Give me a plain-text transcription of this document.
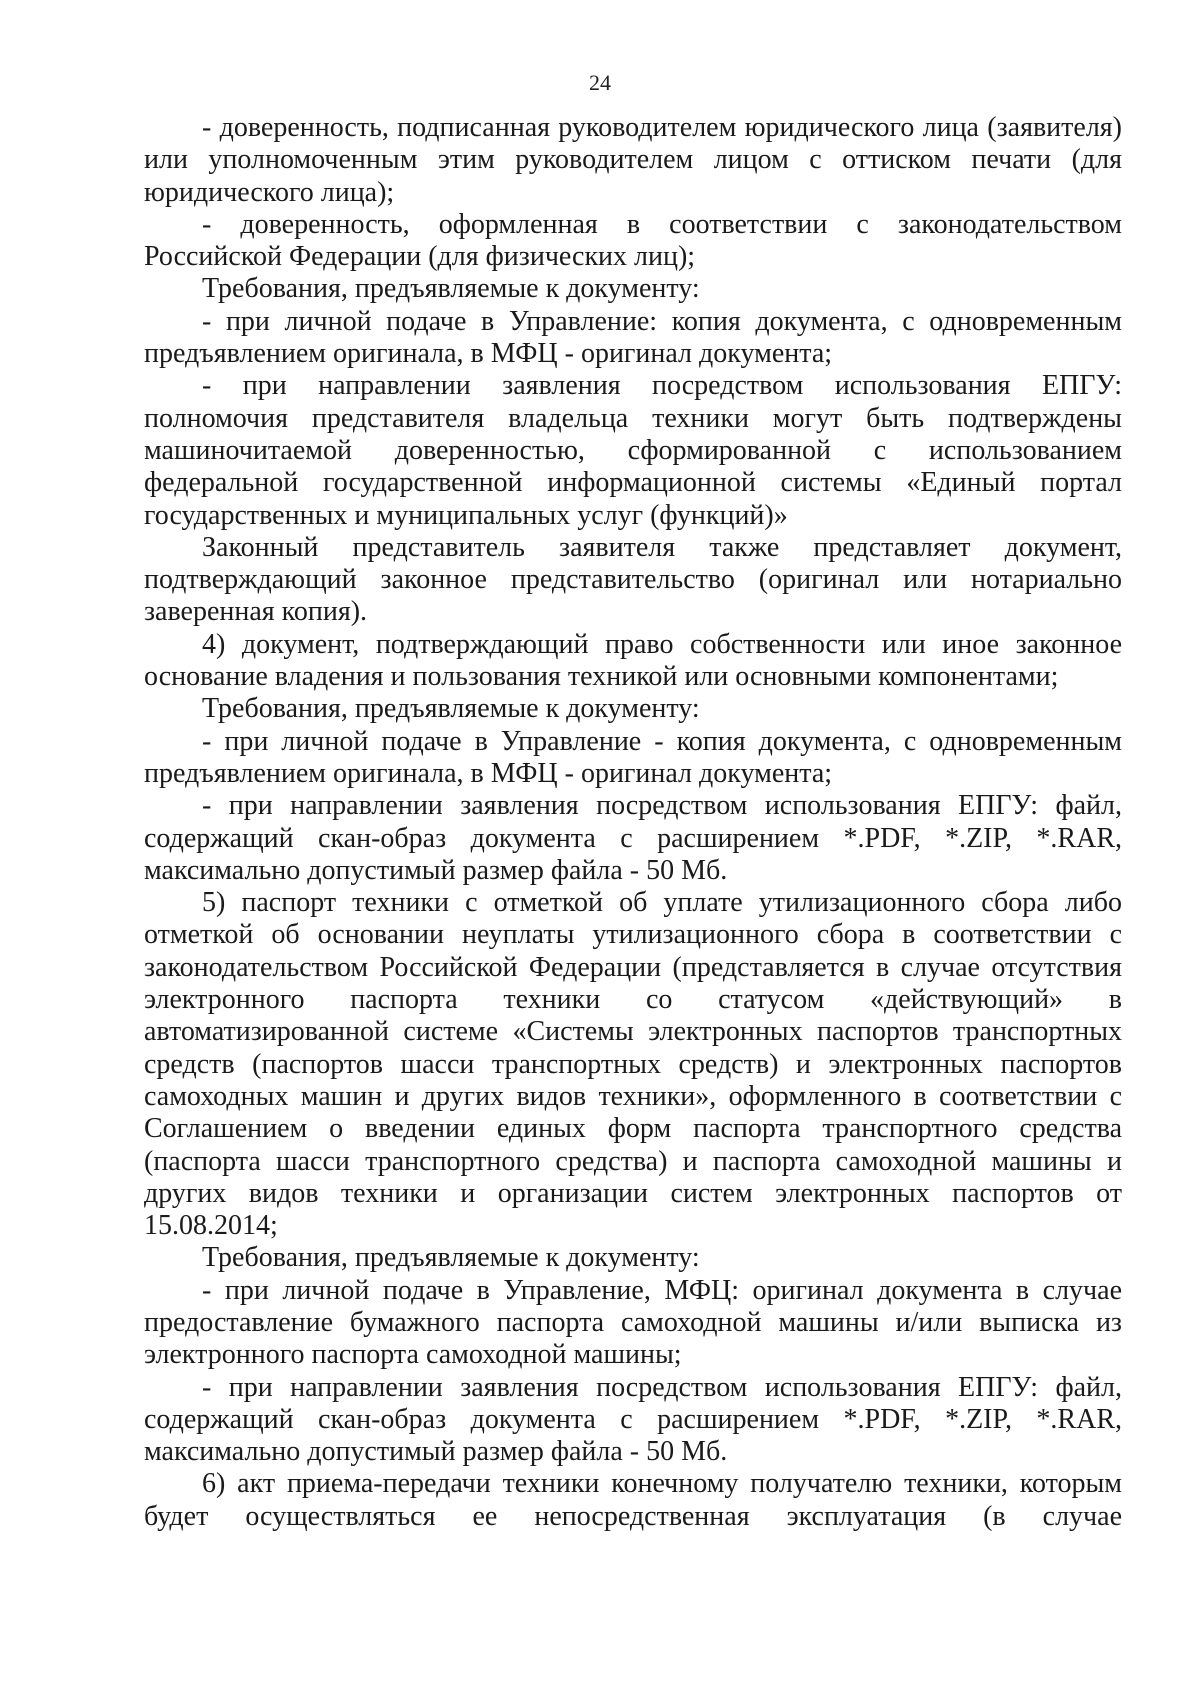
24

- доверенность, подписанная руководителем юридического лица (заявителя) или уполномоченным этим руководителем лицом с оттиском печати (для юридического лица);

- доверенность, оформленная в соответствии с законодательством Российской Федерации (для физических лиц);

Требования, предъявляемые к документу:

- при личной подаче в Управление: копия документа, с одновременным предъявлением оригинала, в МФЦ - оригинал документа;

- при направлении заявления посредством использования ЕПГУ: полномочия представителя владельца техники могут быть подтверждены машиночитаемой доверенностью, сформированной с использованием федеральной государственной информационной системы «Единый портал государственных и муниципальных услуг (функций)»

Законный представитель заявителя также представляет документ, подтверждающий законное представительство (оригинал или нотариально заверенная копия).

4) документ, подтверждающий право собственности или иное законное основание владения и пользования техникой или основными компонентами;

Требования, предъявляемые к документу:

- при личной подаче в Управление - копия документа, с одновременным предъявлением оригинала, в МФЦ - оригинал документа;

- при направлении заявления посредством использования ЕПГУ: файл, содержащий скан-образ документа с расширением *.PDF, *.ZIP, *.RAR, максимально допустимый размер файла - 50 Мб.

5) паспорт техники с отметкой об уплате утилизационного сбора либо отметкой об основании неуплаты утилизационного сбора в соответствии с законодательством Российской Федерации (представляется в случае отсутствия электронного паспорта техники со статусом «действующий» в автоматизированной системе «Системы электронных паспортов транспортных средств (паспортов шасси транспортных средств) и электронных паспортов самоходных машин и других видов техники», оформленного в соответствии с Соглашением о введении единых форм паспорта транспортного средства (паспорта шасси транспортного средства) и паспорта самоходной машины и других видов техники и организации систем электронных паспортов от 15.08.2014;

Требования, предъявляемые к документу:

- при личной подаче в Управление, МФЦ: оригинал документа в случае предоставление бумажного паспорта самоходной машины и/или выписка из электронного паспорта самоходной машины;

- при направлении заявления посредством использования ЕПГУ: файл, содержащий скан-образ документа с расширением *.PDF, *.ZIP, *.RAR, максимально допустимый размер файла - 50 Мб.

6) акт приема-передачи техники конечному получателю техники, которым будет осуществляться ее непосредственная эксплуатация (в случае
